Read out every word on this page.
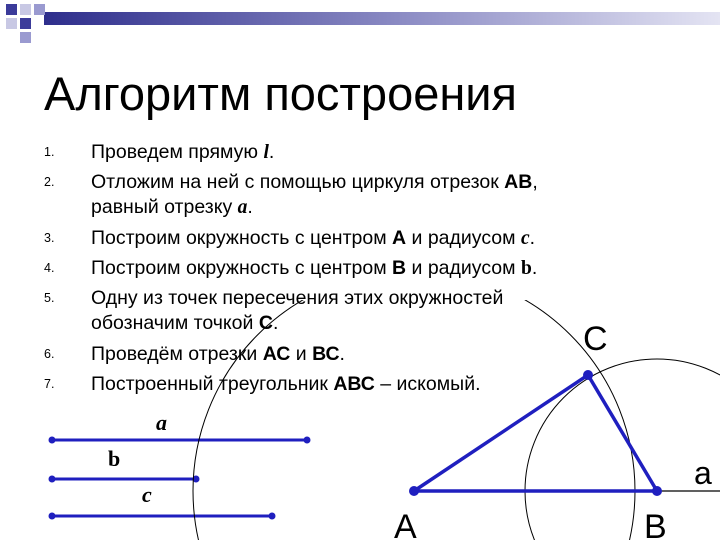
Алгоритм построения
1. Проведем прямую l.
2. Отложим на ней с помощью циркуля отрезок АВ,
равный отрезку a.
3. Построим окружность с центром А и радиусом c.
4. Построим окружность с центром В и радиусом b.
5. Одну из точек пересечения этих окружностей
обозначим точкой С.
6. Проведём отрезки АС и ВС.
7. Построенный треугольник АВС – искомый.
a
b
c
A	B
C
a
